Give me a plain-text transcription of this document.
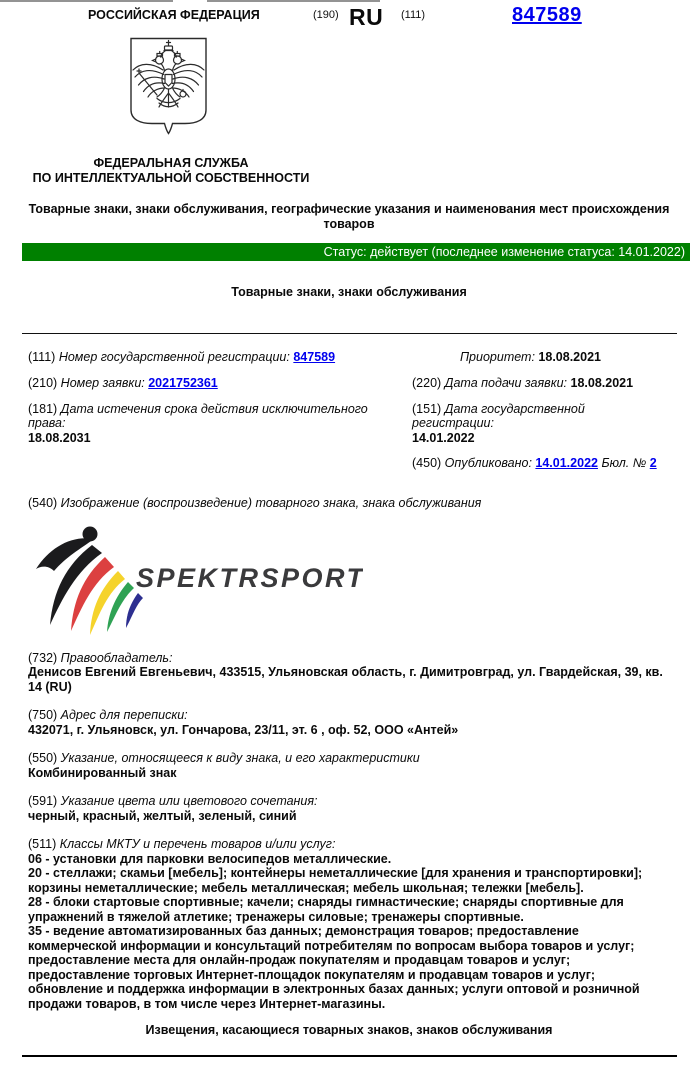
РОССИЙСКАЯ ФЕДЕРАЦИЯ	(190) RU (111)	847589
ФЕДЕРАЛЬНАЯ СЛУЖБА
ПО ИНТЕЛЛЕКТУАЛЬНОЙ СОБСТВЕННОСТИ
Товарные знаки, знаки обслуживания, географические указания и наименования мест происхождения товаров
Статус: действует (последнее изменение статуса: 14.01.2022)
Товарные знаки, знаки обслуживания
(111) Номер государственной регистрации: 847589	Приоритет: 18.08.2021
(210) Номер заявки: 2021752361	(220) Дата подачи заявки: 18.08.2021
(181) Дата истечения срока действия исключительного права:
18.08.2031
(151) Дата государственной регистрации:
14.01.2022
(450) Опубликовано: 14.01.2022 Бюл. № 2

(540) Изображение (воспроизведение) товарного знака, знака обслуживания

SPEKTRSPORT

(732) Правообладатель:

Денисов Евгений Евгеньевич, 433515, Ульяновская область, г. Димитровград, ул. Гвардейская, 39, кв. 14 (RU)

(750) Адрес для переписки:

432071, г. Ульяновск, ул. Гончарова, 23/11, эт. 6 , оф. 52, ООО «Антей»

(550) Указание, относящееся к виду знака, и его характеристики

Комбинированный знак

(591) Указание цвета или цветового сочетания:

черный, красный, желтый, зеленый, синий

(511) Классы МКТУ и перечень товаров и/или услуг:

06 - установки для парковки велосипедов металлические.

20 - стеллажи; скамьи [мебель]; контейнеры неметаллические [для хранения и транспортировки]; корзины неметаллические; мебель металлическая; мебель школьная; тележки [мебель].

28 - блоки стартовые спортивные; качели; снаряды гимнастические; снаряды спортивные для упражнений в тяжелой атлетике; тренажеры силовые; тренажеры спортивные.

35 - ведение автоматизированных баз данных; демонстрация товаров; предоставление коммерческой информации и консультаций потребителям по вопросам выбора товаров и услуг; предоставление места для онлайн-продаж покупателям и продавцам товаров и услуг; предоставление торговых Интернет-площадок покупателям и продавцам товаров и услуг; обновление и поддержка информации в электронных базах данных; услуги оптовой и розничной продажи товаров, в том числе через Интернет-магазины.

Извещения, касающиеся товарных знаков, знаков обслуживания
